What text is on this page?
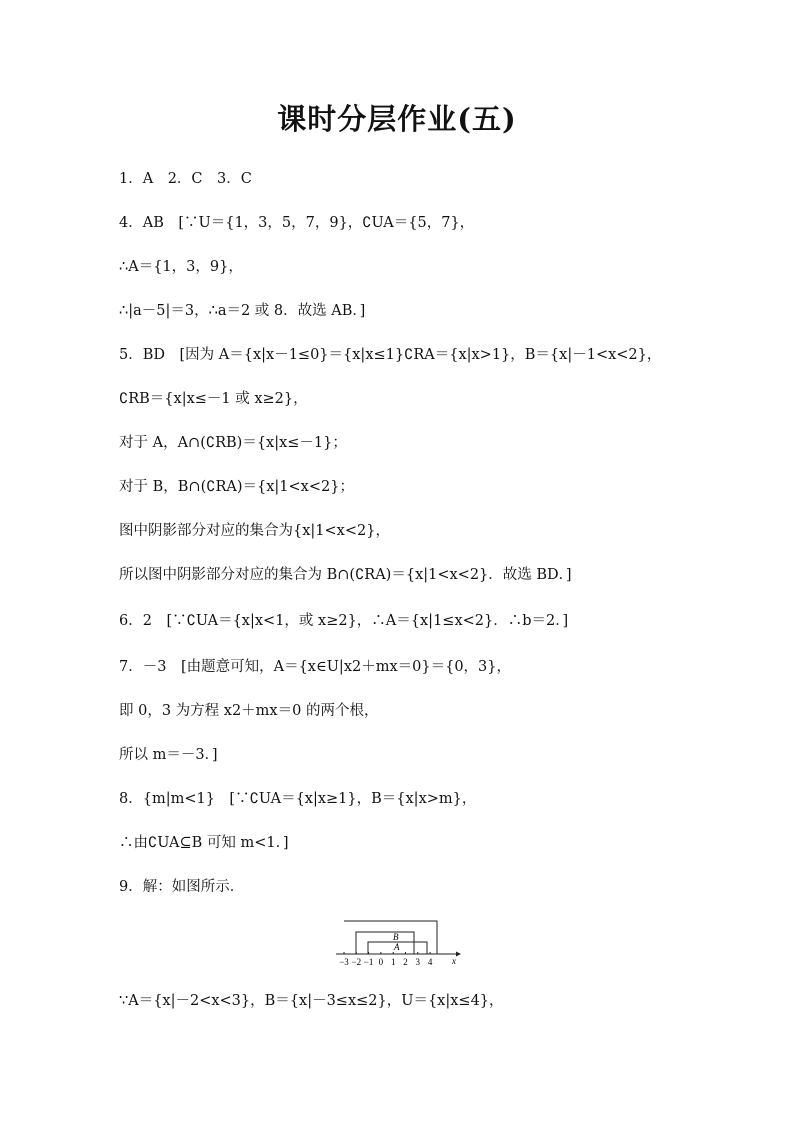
课时分层作业(五)
1．A　2．C　3．C
4．AB　[∵U＝{1，3，5，7，9}，∁UA＝{5，7}，
∴A＝{1，3，9}，
∴|a－5|＝3，∴a＝2 或 8．故选 AB．]
5．BD　[因为 A＝{x|x－1≤0}＝{x|x≤1}∁RA＝{x|x>1}，B＝{x|－1<x<2}，
∁RB＝{x|x≤－1 或 x≥2}，
对于 A，A∩(∁RB)＝{x|x≤－1}；
对于 B，B∩(∁RA)＝{x|1<x<2}；
图中阴影部分对应的集合为{x|1<x<2}，
所以图中阴影部分对应的集合为 B∩(∁RA)＝{x|1<x<2}．故选 BD．]
6．2　[∵∁UA＝{x|x<1，或 x≥2}，∴A＝{x|1≤x<2}．∴b＝2．]
7．－3　[由题意可知，A＝{x∈U|x2＋mx＝0}＝{0，3}，
即 0，3 为方程 x2＋mx＝0 的两个根，
所以 m＝－3．]
8．{m|m<1}　[∵∁UA＝{x|x≥1}，B＝{x|x>m}，
∴由∁UA⊆B 可知 m<1．]
9．解：如图所示．
B
A
−3 −2 −1 0 1 2 3 4 x
∵A＝{x|－2<x<3}，B＝{x|－3≤x≤2}，U＝{x|x≤4}，
